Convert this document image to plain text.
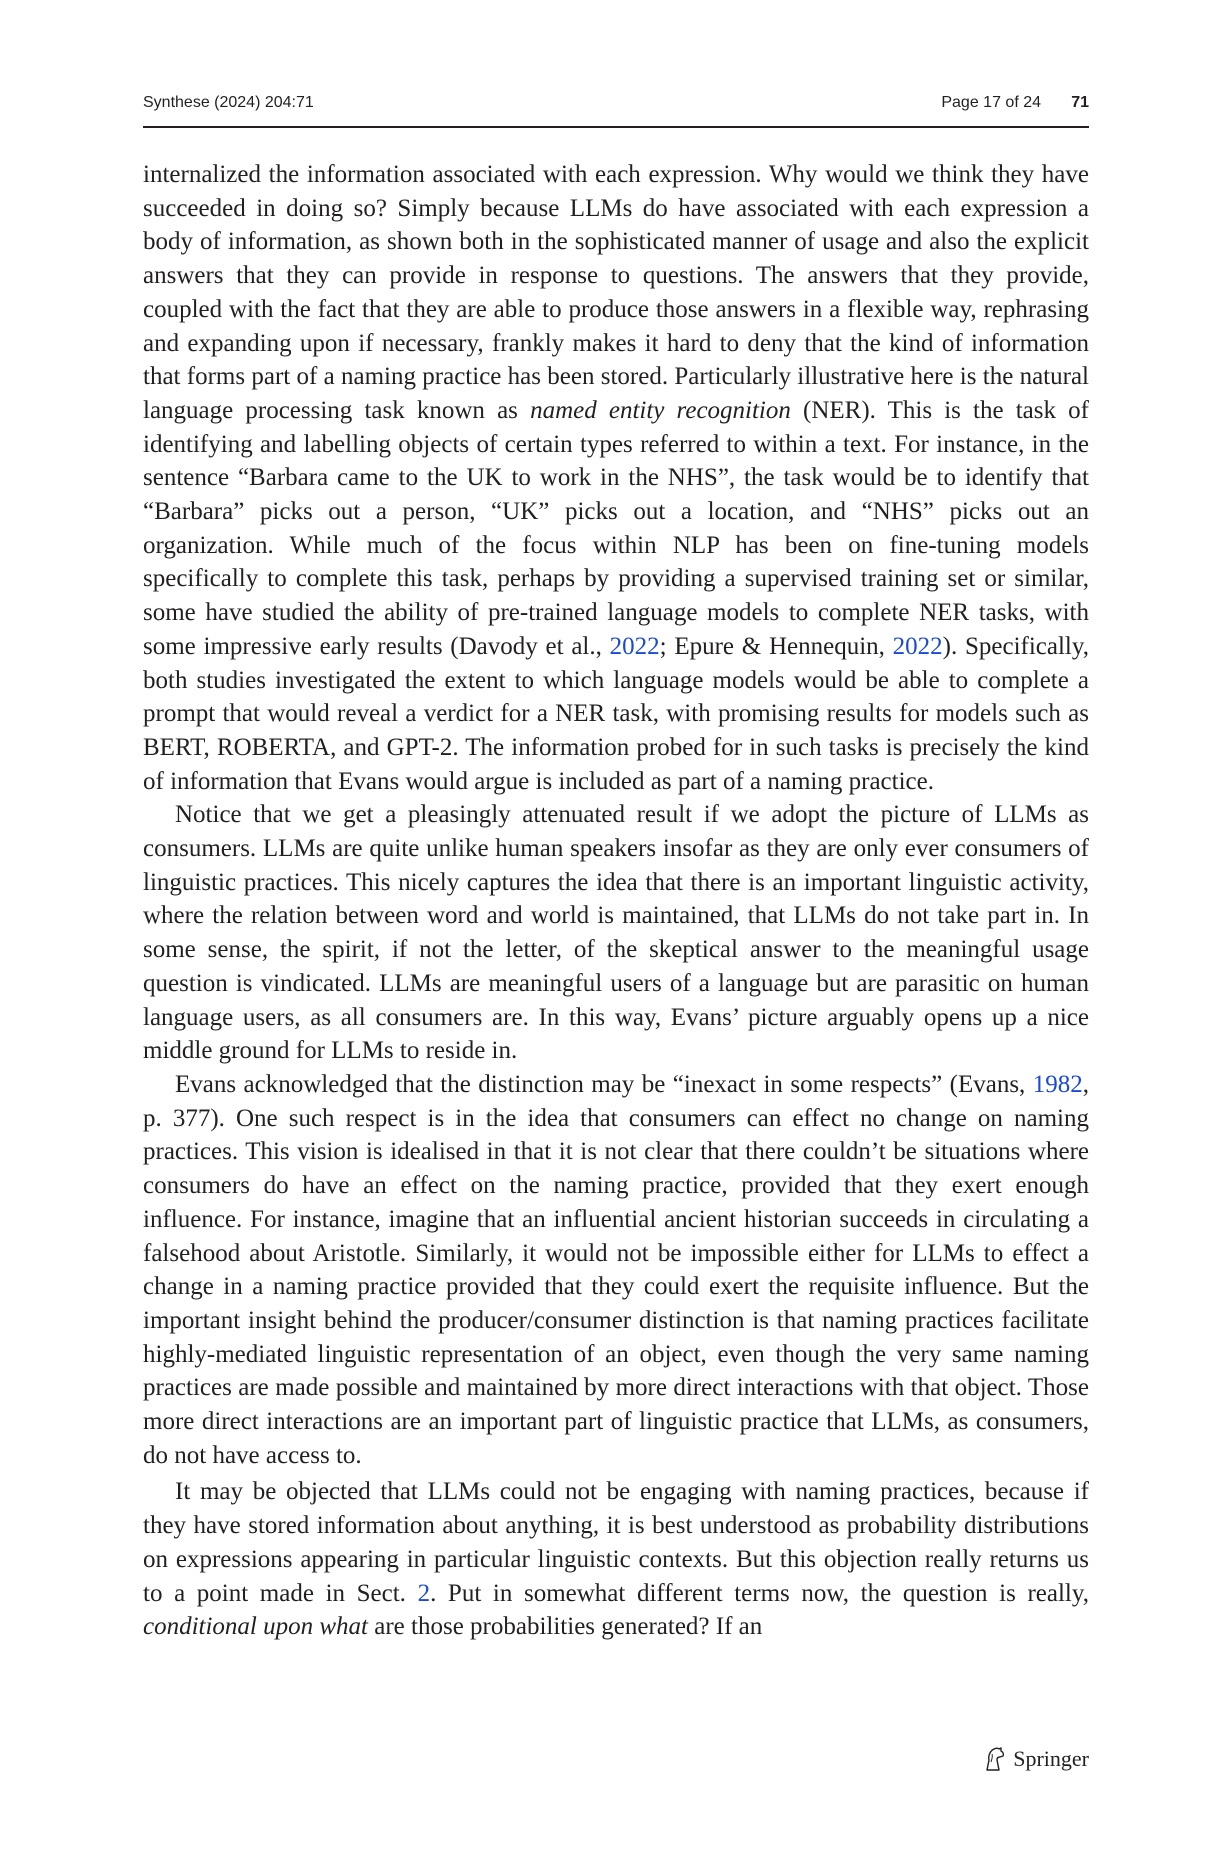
Synthese (2024) 204:71	Page 17 of 24 71

internalized the information associated with each expression. Why would we think they have succeeded in doing so? Simply because LLMs do have associated with each expression a body of information, as shown both in the sophisticated manner of usage and also the explicit answers that they can provide in response to questions. The answers that they provide, coupled with the fact that they are able to produce those answers in a flexible way, rephrasing and expanding upon if necessary, frankly makes it hard to deny that the kind of information that forms part of a naming practice has been stored. Particularly illustrative here is the natural language processing task known as named entity recognition (NER). This is the task of identifying and labelling objects of certain types referred to within a text. For instance, in the sentence “Barbara came to the UK to work in the NHS”, the task would be to identify that “Barbara” picks out a person, “UK” picks out a location, and “NHS” picks out an organization. While much of the focus within NLP has been on fine-tuning models specifically to complete this task, perhaps by providing a supervised training set or similar, some have studied the ability of pre-trained language models to complete NER tasks, with some impressive early results (Davody et al., 2022; Epure & Hennequin, 2022). Specifically, both studies investigated the extent to which language models would be able to complete a prompt that would reveal a verdict for a NER task, with promising results for models such as BERT, ROBERTA, and GPT-2. The information probed for in such tasks is precisely the kind of information that Evans would argue is included as part of a naming practice.

Notice that we get a pleasingly attenuated result if we adopt the picture of LLMs as consumers. LLMs are quite unlike human speakers insofar as they are only ever consumers of linguistic practices. This nicely captures the idea that there is an important linguistic activity, where the relation between word and world is maintained, that LLMs do not take part in. In some sense, the spirit, if not the letter, of the skeptical answer to the meaningful usage question is vindicated. LLMs are meaningful users of a language but are parasitic on human language users, as all consumers are. In this way, Evans’ picture arguably opens up a nice middle ground for LLMs to reside in.

Evans acknowledged that the distinction may be “inexact in some respects” (Evans, 1982, p. 377). One such respect is in the idea that consumers can effect no change on naming practices. This vision is idealised in that it is not clear that there couldn’t be situations where consumers do have an effect on the naming practice, provided that they exert enough influence. For instance, imagine that an influential ancient historian succeeds in circulating a falsehood about Aristotle. Similarly, it would not be impossible either for LLMs to effect a change in a naming practice provided that they could exert the requisite influence. But the important insight behind the producer/consumer distinction is that naming practices facilitate highly-mediated linguistic representation of an object, even though the very same naming practices are made possible and maintained by more direct interactions with that object. Those more direct interactions are an important part of linguistic practice that LLMs, as consumers, do not have access to.

It may be objected that LLMs could not be engaging with naming practices, because if they have stored information about anything, it is best understood as probability distributions on expressions appearing in particular linguistic contexts. But this objection really returns us to a point made in Sect. 2. Put in somewhat different terms now, the question is really, conditional upon what are those probabilities generated? If an

Springer
